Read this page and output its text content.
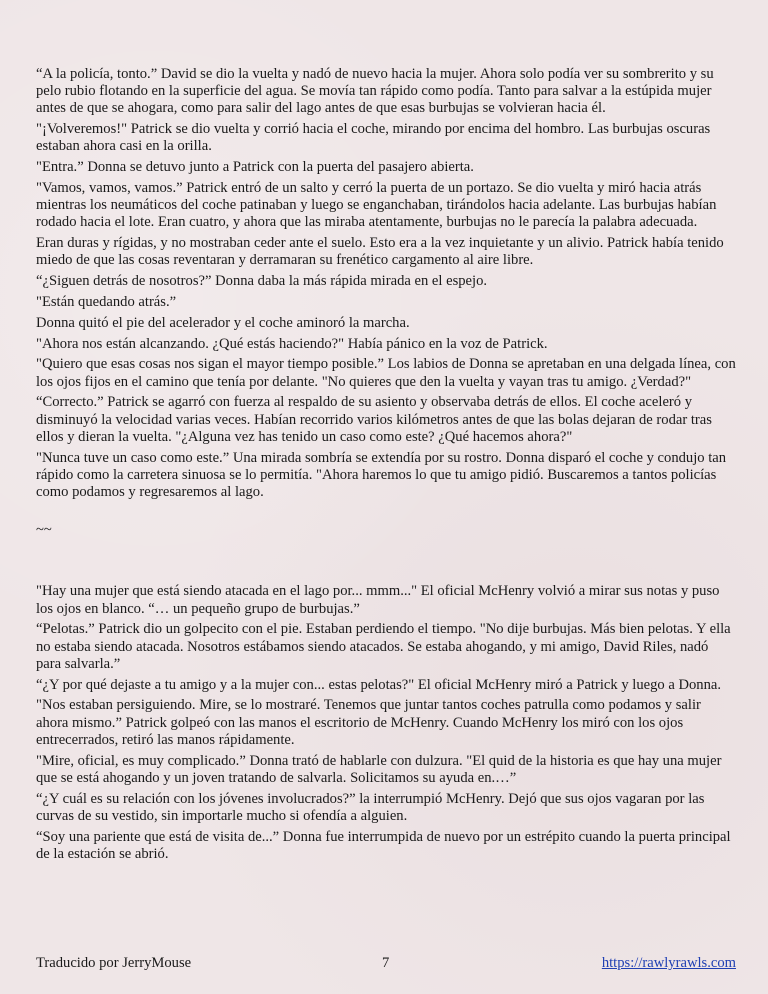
“A la policía, tonto.” David se dio la vuelta y nadó de nuevo hacia la mujer. Ahora solo podía ver su sombrerito y su pelo rubio flotando en la superficie del agua. Se movía tan rápido como podía. Tanto para salvar a la estúpida mujer antes de que se ahogara, como para salir del lago antes de que esas burbujas se volvieran hacia él.

"¡Volveremos!" Patrick se dio vuelta y corrió hacia el coche, mirando por encima del hombro. Las burbujas oscuras estaban ahora casi en la orilla.

"Entra.” Donna se detuvo junto a Patrick con la puerta del pasajero abierta.

"Vamos, vamos, vamos.” Patrick entró de un salto y cerró la puerta de un portazo. Se dio vuelta y miró hacia atrás mientras los neumáticos del coche patinaban y luego se enganchaban, tirándolos hacia adelante. Las burbujas habían rodado hacia el lote. Eran cuatro, y ahora que las miraba atentamente, burbujas no le parecía la palabra adecuada.

Eran duras y rígidas, y no mostraban ceder ante el suelo. Esto era a la vez inquietante y un alivio. Patrick había tenido miedo de que las cosas reventaran y derramaran su frenético cargamento al aire libre.

“¿Siguen detrás de nosotros?” Donna daba la más rápida mirada en el espejo.

"Están quedando atrás.”

Donna quitó el pie del acelerador y el coche aminoró la marcha.

"Ahora nos están alcanzando. ¿Qué estás haciendo?" Había pánico en la voz de Patrick.

"Quiero que esas cosas nos sigan el mayor tiempo posible.” Los labios de Donna se apretaban en una delgada línea, con los ojos fijos en el camino que tenía por delante. "No quieres que den la vuelta y vayan tras tu amigo. ¿Verdad?"

“Correcto.” Patrick se agarró con fuerza al respaldo de su asiento y observaba detrás de ellos. El coche aceleró y disminuyó la velocidad varias veces. Habían recorrido varios kilómetros antes de que las bolas dejaran de rodar tras ellos y dieran la vuelta. "¿Alguna vez has tenido un caso como este? ¿Qué hacemos ahora?"

"Nunca tuve un caso como este.” Una mirada sombría se extendía por su rostro. Donna disparó el coche y condujo tan rápido como la carretera sinuosa se lo permitía. "Ahora haremos lo que tu amigo pidió. Buscaremos a tantos policías como podamos y regresaremos al lago.

~~

"Hay una mujer que está siendo atacada en el lago por... mmm..." El oficial McHenry volvió a mirar sus notas y puso los ojos en blanco. “… un pequeño grupo de burbujas.”

“Pelotas.” Patrick dio un golpecito con el pie. Estaban perdiendo el tiempo. "No dije burbujas. Más bien pelotas. Y ella no estaba siendo atacada. Nosotros estábamos siendo atacados. Se estaba ahogando, y mi amigo, David Riles, nadó para salvarla.”

“¿Y por qué dejaste a tu amigo y a la mujer con... estas pelotas?" El oficial McHenry miró a Patrick y luego a Donna.

"Nos estaban persiguiendo. Mire, se lo mostraré. Tenemos que juntar tantos coches patrulla como podamos y salir ahora mismo.” Patrick golpeó con las manos el escritorio de McHenry. Cuando McHenry los miró con los ojos entrecerrados, retiró las manos rápidamente.

"Mire, oficial, es muy complicado.” Donna trató de hablarle con dulzura. "El quid de la historia es que hay una mujer que se está ahogando y un joven tratando de salvarla. Solicitamos su ayuda en.…”

“¿Y cuál es su relación con los jóvenes involucrados?” la interrumpió McHenry. Dejó que sus ojos vagaran por las curvas de su vestido, sin importarle mucho si ofendía a alguien.

“Soy una pariente que está de visita de...” Donna fue interrumpida de nuevo por un estrépito cuando la puerta principal de la estación se abrió.

Traducido por JerryMouse	7	https://rawlyrawls.com
